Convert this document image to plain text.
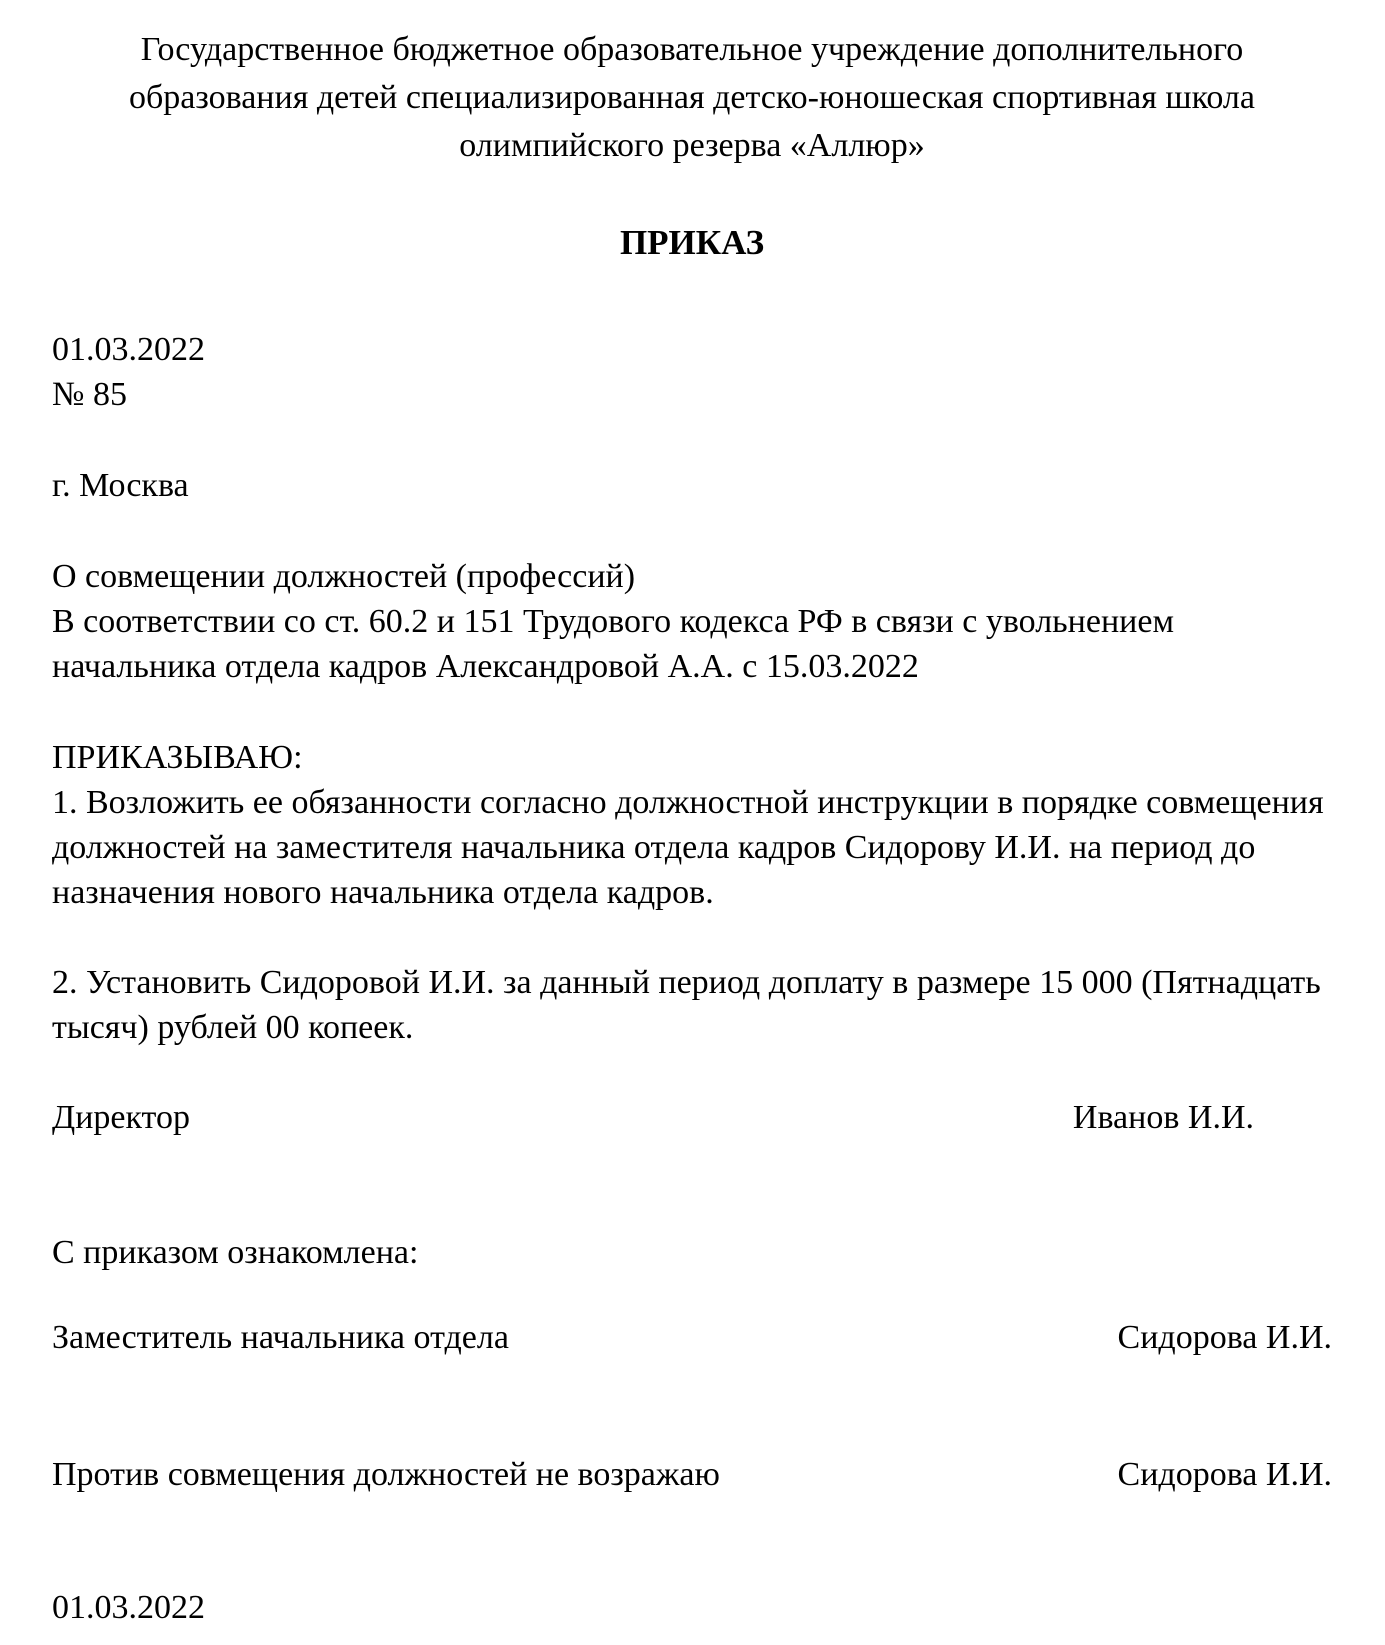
Государственное бюджетное образовательное учреждение дополнительного образования детей специализированная детско-юношеская спортивная школа олимпийского резерва «Аллюр»

ПРИКАЗ

01.03.2022

№ 85

г. Москва

О совмещении должностей (профессий)

В соответствии со ст. 60.2 и 151 Трудового кодекса РФ в связи с увольнением начальника отдела кадров Александровой А.А. с 15.03.2022

ПРИКАЗЫВАЮ:

1. Возложить ее обязанности согласно должностной инструкции в порядке совмещения должностей на заместителя начальника отдела кадров Сидорову И.И. на период до назначения нового начальника отдела кадров.

2. Установить Сидоровой И.И. за данный период доплату в размере 15 000 (Пятнадцать тысяч) рублей 00 копеек.

Директор	Иванов И.И.

С приказом ознакомлена:

Заместитель начальника отдела	Сидорова И.И.
Против совмещения должностей не возражаю	Сидорова И.И.

01.03.2022
